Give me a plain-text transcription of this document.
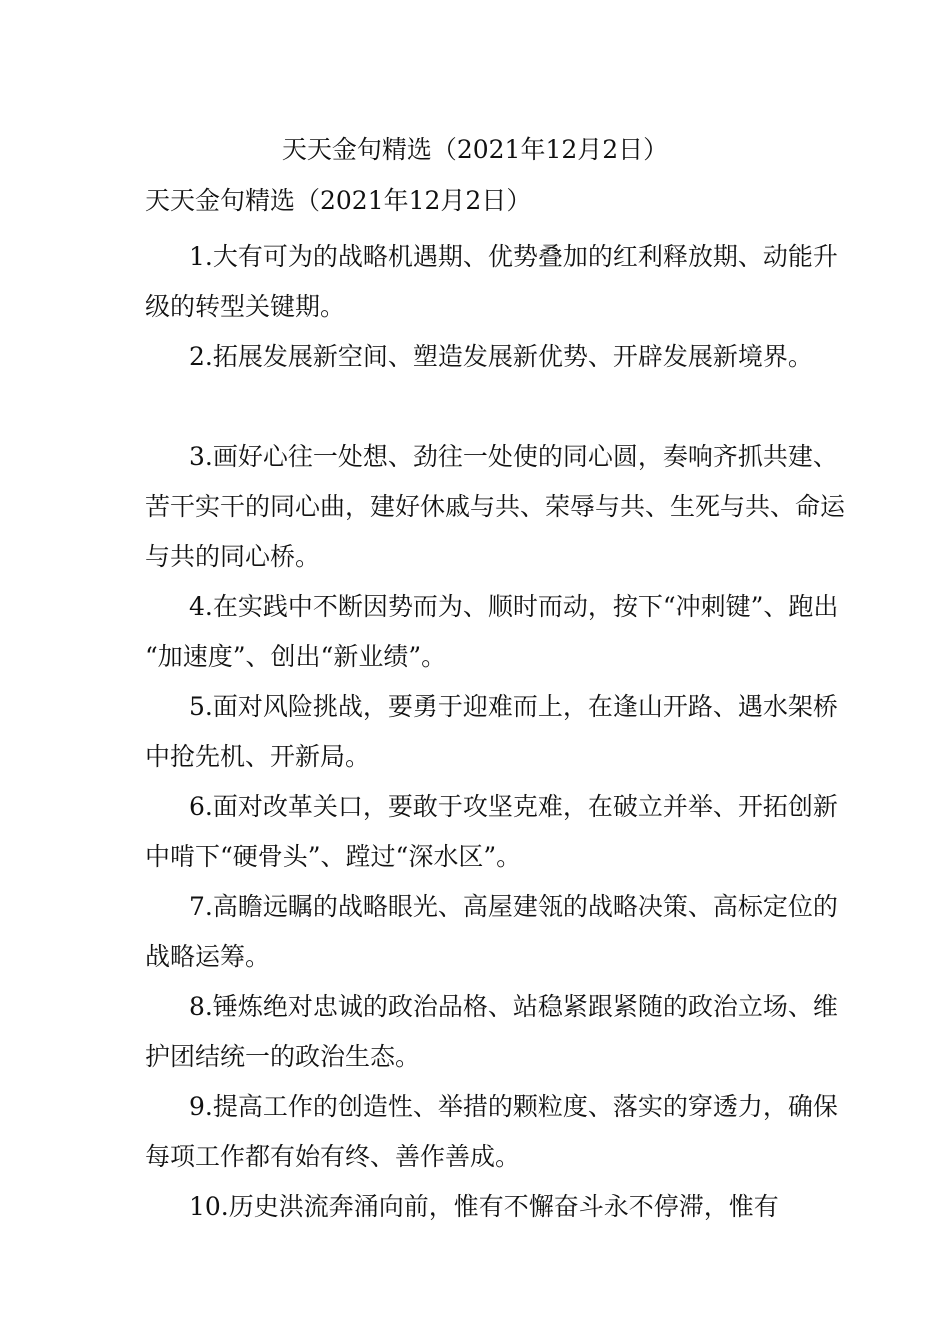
天天金句精选（2021年12月2日）
天天金句精选（2021年12月2日）

1.大有可为的战略机遇期、优势叠加的红利释放期、动能升级的转型关键期。

2.拓展发展新空间、塑造发展新优势、开辟发展新境界。

3.画好心往一处想、劲往一处使的同心圆，奏响齐抓共建、苦干实干的同心曲，建好休戚与共、荣辱与共、生死与共、命运与共的同心桥。

4.在实践中不断因势而为、顺时而动，按下“冲刺键”、跑出“加速度”、创出“新业绩”。

5.面对风险挑战，要勇于迎难而上，在逢山开路、遇水架桥中抢先机、开新局。

6.面对改革关口，要敢于攻坚克难，在破立并举、开拓创新中啃下“硬骨头”、蹚过“深水区”。

7.高瞻远瞩的战略眼光、高屋建瓴的战略决策、高标定位的战略运筹。

8.锤炼绝对忠诚的政治品格、站稳紧跟紧随的政治立场、维护团结统一的政治生态。

9.提高工作的创造性、举措的颗粒度、落实的穿透力，确保每项工作都有始有终、善作善成。

10.历史洪流奔涌向前，惟有不懈奋斗永不停滞，惟有
